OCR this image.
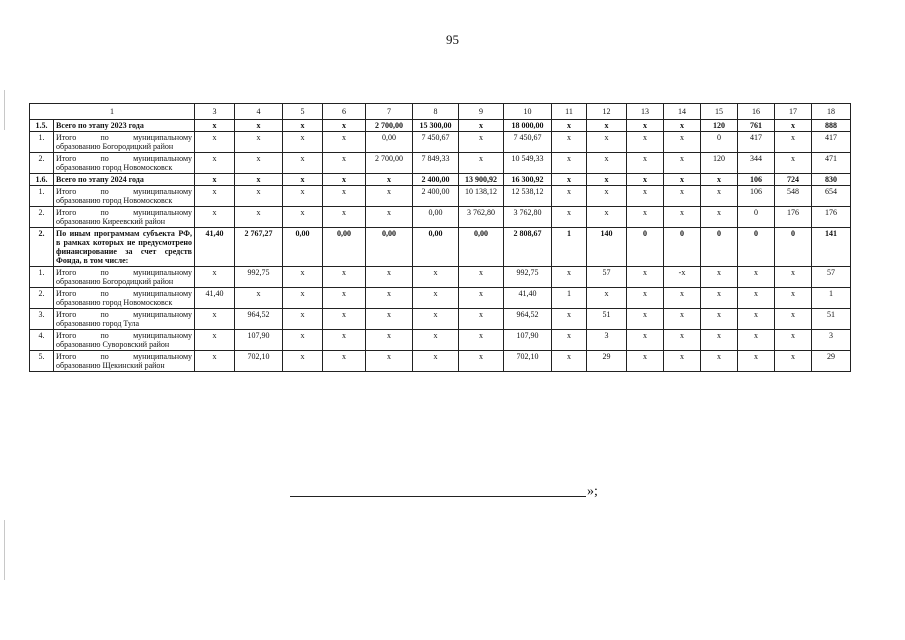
95
1		3	4	5	6	7	8	9	10	11	12	13	14	15	16	17	18
1.5.	Всего по этапу 2023 года	x	x	x	x	2 700,00	15 300,00	x	18 000,00	x	x	x	x	120	761	x	888
1.	Итого по муниципальному образованию Богородицкий район	x	x	x	x	0,00	7 450,67	x	7 450,67	x	x	x	x	0	417	x	417
2.	Итого по муниципальному образованию город Новомосковск	x	x	x	x	2 700,00	7 849,33	x	10 549,33	x	x	x	x	120	344	x	471
1.6.	Всего по этапу 2024 года	x	x	x	x	x	2 400,00	13 900,92	16 300,92	x	x	x	x	x	106	724	830
1.	Итого по муниципальному образованию город Новомосковск	x	x	x	x	x	2 400,00	10 138,12	12 538,12	x	x	x	x	x	106	548	654
2.	Итого по муниципальному образованию Киреевский район	x	x	x	x	x	0,00	3 762,80	3 762,80	x	x	x	x	x	0	176	176
2.	По иным программам субъекта РФ, в рамках которых не предусмотрено финансирование за счет средств Фонда, в том числе:	41,40	2 767,27	0,00	0,00	0,00	0,00	0,00	2 808,67	1	140	0	0	0	0	0	141
1.	Итого по муниципальному образованию Богородицкий район	x	992,75	x	x	x	x	x	992,75	x	57	x	-x	x	x	x	57
2.	Итого по муниципальному образованию город Новомосковск	41,40	x	x	x	x	x	x	41,40	1	x	x	x	x	x	x	1
3.	Итого по муниципальному образованию город Тула	x	964,52	x	x	x	x	x	964,52	x	51	x	x	x	x	x	51
4.	Итого по муниципальному образованию Суворовский район	x	107,90	x	x	x	x	x	107,90	x	3	x	x	x	x	x	3
5.	Итого по муниципальному образованию Щекинский район	x	702,10	x	x	x	x	x	702,10	x	29	x	x	x	x	x	29
»;
